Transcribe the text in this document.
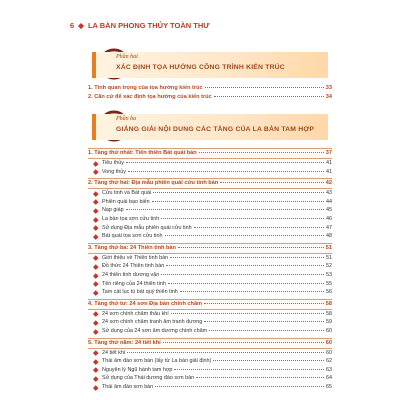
6 ◆ LA BÀN PHONG THỦY TOÀN THƯ
Phần hai
XÁC ĐỊNH TỌA HƯỚNG CÔNG TRÌNH KIẾN TRÚC
1. Tính quan trọng của tọa hướng kiến trúc	33
2. Căn cứ để xác định tọa hướng của kiến trúc	34
Phần ba
GIẢNG GIẢI NỘI DUNG CÁC TẦNG CỦA LA BÀN TAM HỢP
1. Tầng thứ nhất: Tiên thiên Bát quái bàn	37
Tiêu thủy	41
Vong thủy	41
2. Tầng thứ hai: Địa mẫu phiên quái cửu tinh bàn	42
Cửu tinh và Bát quái	43
Phiên quái bạo biến	44
Nạp giáp	45
La bàn tọa sơn cửu tinh	46
Sử dụng Địa mẫu phiên quái cửu tinh	47
Bát quái tọa sơn cửu tinh	48
3. Tầng thứ ba: 24 Thiên tinh bàn	51
Giới thiệu về Thiên tinh bàn	51
Đồ thức 24 Thiên tinh bàn	52
24 thiên tinh dương vận	53
Tên riêng của 24 thiên tinh	55
Tam cát lục tú bát quý thiên tinh	56
4. Tầng thứ tư: 24 sơn Địa bàn chính châm	58
24 sơn chính châm thâu khí	58
24 sơn chính châm tranh âm tranh dương	59
Sử dụng của 24 sơn âm dương chính châm	60
5. Tầng thứ năm: 24 tiết khí	60
24 tiết khí	60
Thái âm đáo sơn bàn (lấy từ La bàn giải định)	62
Nguyên lý Ngũ hành tam hợp	63
Sử dụng của Thái dương đáo sơn bàn	64
Thái âm đáo sơn bàn	65
